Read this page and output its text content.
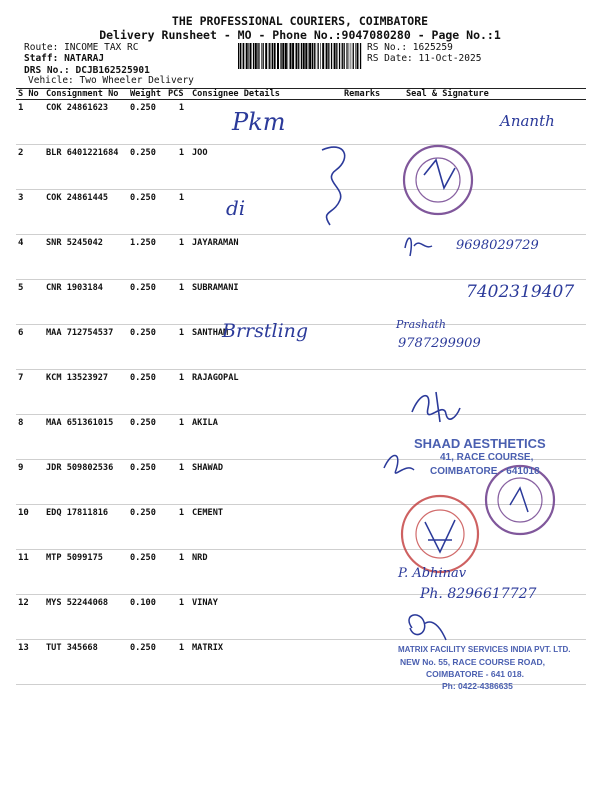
THE PROFESSIONAL COURIERS, COIMBATORE
Delivery Runsheet - MO - Phone No.:9047080280 - Page No.:1
Route: INCOME TAX RC
Staff: NATARAJ
DRS No.: DCJB162525901
Vehicle: Two Wheeler Delivery
RS No.: 1625259
RS Date: 11-Oct-2025
S No	Consignment No	Weight	PCS	Consignee Details	Remarks	Seal & Signature
1	COK 24861623	0.250	1			
2	BLR 6401221684	0.250	1	JOO		
3	COK 24861445	0.250	1			
4	SNR 5245042	1.250	1	JAYARAMAN		
5	CNR 1903184	0.250	1	SUBRAMANI		
6	MAA 712754537	0.250	1	SANTHAM		
7	KCM 13523927	0.250	1	RAJAGOPAL		
8	MAA 651361015	0.250	1	AKILA		
9	JDR 509802536	0.250	1	SHAWAD		
10	EDQ 17811816	0.250	1	CEMENT		
11	MTP 5099175	0.250	1	NRD		
12	MYS 52244068	0.100	1	VINAY		
13	TUT 345668	0.250	1	MATRIX		
Pkm	Ananth
di
9698029729
7402319407
Prashath
9787299909
Brrstling
P. Abhinav
Ph. 8296617727
SHAAD AESTHETICS
41, RACE COURSE,
COIMBATORE - 641018
MATRIX FACILITY SERVICES INDIA PVT. LTD.
NEW No. 55, RACE COURSE ROAD,
COIMBATORE - 641 018.
Ph: 0422-4386635
